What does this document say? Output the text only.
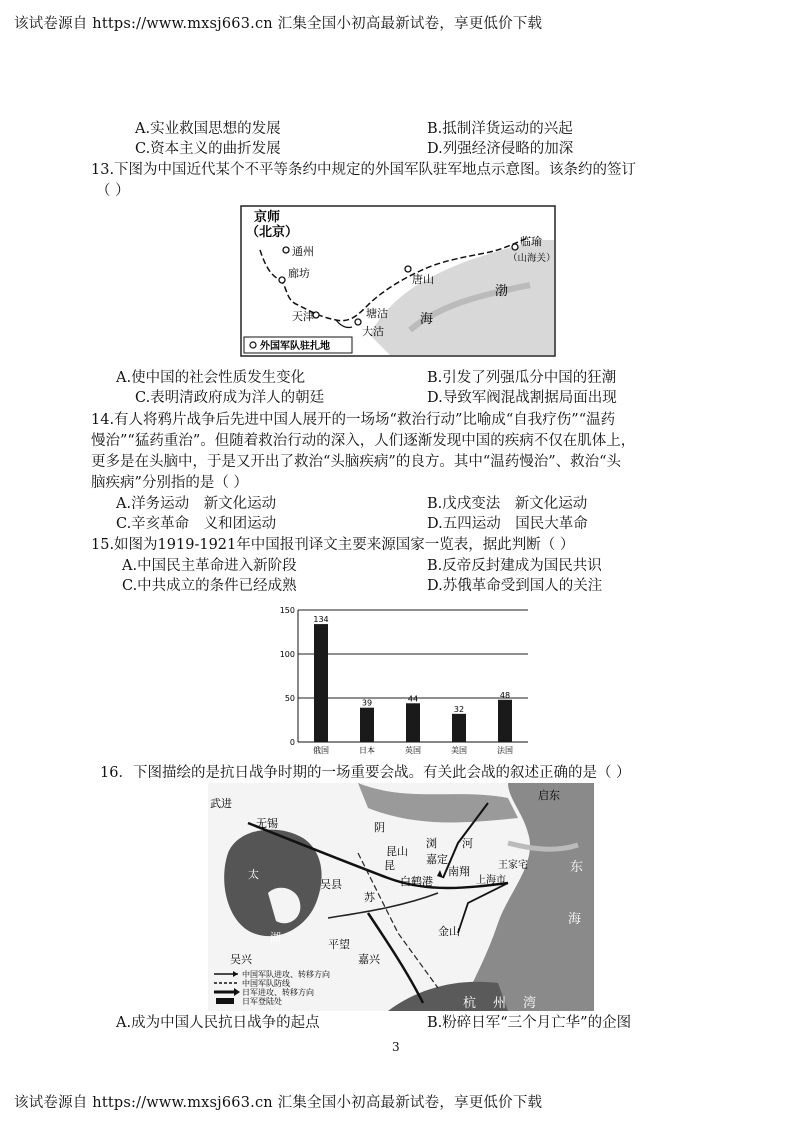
该试卷源自 https://www.mxsj663.cn 汇集全国小初高最新试卷，享更低价下载
A.实业救国思想的发展	B.抵制洋货运动的兴起
C.资本主义的曲折发展	D.列强经济侵略的加深
13.下图为中国近代某个不平等条约中规定的外国军队驻军地点示意图。该条约的签订
（ ）
京师
（北京）
通州
廊坊
天津	塘沽
大沽
唐山
临瑜
（山海关）
渤
海
外国军队驻扎地
A.使中国的社会性质发生变化	B.引发了列强瓜分中国的狂潮
C.表明清政府成为洋人的朝廷	D.导致军阀混战割据局面出现
14.有人将鸦片战争后先进中国人展开的一场场“救治行动”比喻成“自我疗伤”“温药
慢治”“猛药重治”。但随着救治行动的深入，人们逐渐发现中国的疾病不仅在肌体上，
更多是在头脑中，于是又开出了救治“头脑疾病”的良方。其中“温药慢治”、救治“头
脑疾病”分别指的是（ ）
A.洋务运动　新文化运动	B.戊戌变法　新文化运动
C.辛亥革命　义和团运动	D.五四运动　国民大革命
15.如图为1919-1921年中国报刊译文主要来源国家一览表，据此判断（ ）
A.中国民主革命进入新阶段	B.反帝反封建成为国民共识
C.中共成立的条件已经成熟	D.苏俄革命受到国人的关注
0
50
100
150
134
俄国
39
日本
44
英国
32
美国
48
法国
16．下图描绘的是抗日战争时期的一场重要会战。有关此会战的叙述正确的是（ ）
武进
无锡
昆山
吴县
嘉定
南翔
白鹤港	上海市
王家宅
启东
平望
金山
吴兴	嘉兴
太
湖
东
海
杭 州 湾
阴
昆
浏 河
苏
中国军队进攻、转移方向
中国军队防线
日军进攻、转移方向
日军登陆处
A.成为中国人民抗日战争的起点	B.粉碎日军“三个月亡华”的企图
3
该试卷源自 https://www.mxsj663.cn 汇集全国小初高最新试卷，享更低价下载
